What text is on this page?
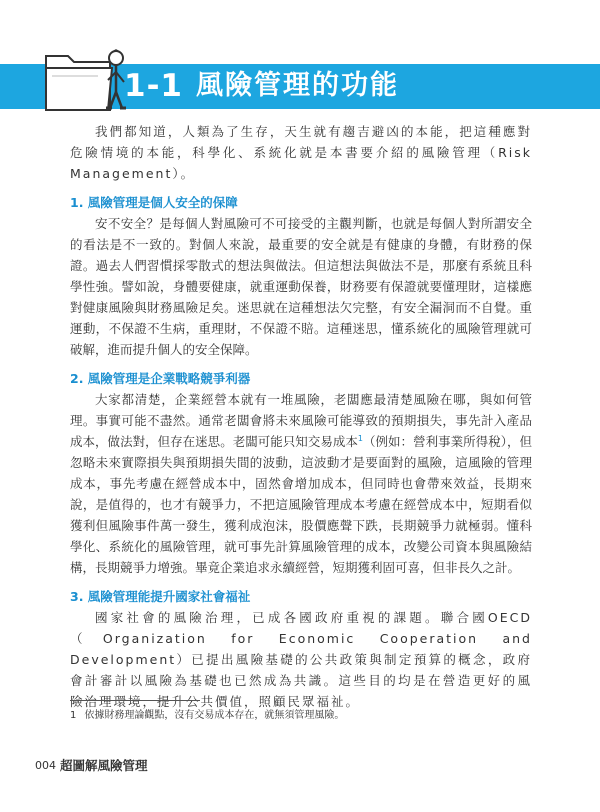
1-1 風險管理的功能

我們都知道，人類為了生存，天生就有趨吉避凶的本能，把這種應對危險情境的本能，科學化、系統化就是本書要介紹的風險管理（Risk Management）。

1. 風險管理是個人安全的保障

安不安全？是每個人對風險可不可接受的主觀判斷，也就是每個人對所謂安全的看法是不一致的。對個人來說，最重要的安全就是有健康的身體，有財務的保證。過去人們習慣採零散式的想法與做法。但這想法與做法不是，那麼有系統且科學性強。譬如說，身體要健康，就重運動保養，財務要有保證就要懂理財，這樣應對健康風險與財務風險足矣。迷思就在這種想法欠完整，有安全漏洞而不自覺。重運動，不保證不生病，重理財，不保證不賠。這種迷思，懂系統化的風險管理就可破解，進而提升個人的安全保障。

2. 風險管理是企業戰略競爭利器

大家都清楚，企業經營本就有一堆風險，老闆應最清楚風險在哪，與如何管理。事實可能不盡然。通常老闆會將未來風險可能導致的預期損失，事先計入產品成本，做法對，但存在迷思。老闆可能只知交易成本$^1$（例如：營利事業所得稅），但忽略未來實際損失與預期損失間的波動，這波動才是要面對的風險，這風險的管理成本，事先考慮在經營成本中，固然會增加成本，但同時也會帶來效益，長期來說，是值得的，也才有競爭力，不把這風險管理成本考慮在經營成本中，短期看似獲利但風險事件萬一發生，獲利成泡沫，股價應聲下跌，長期競爭力就極弱。懂科學化、系統化的風險管理，就可事先計算風險管理的成本，改變公司資本與風險結構，長期競爭力增強。畢竟企業追求永續經營，短期獲利固可喜，但非長久之計。

3. 風險管理能提升國家社會福祉

國家社會的風險治理，已成各國政府重視的課題。聯合國OECD（Organization for Economic Cooperation and Development）已提出風險基礎的公共政策與制定預算的概念，政府會計審計以風險為基礎也已然成為共識。這些目的均是在營造更好的風險治理環境，提升公共價值，照顧民眾福祉。

1 依據財務理論觀點，沒有交易成本存在，就無須管理風險。
004 超圖解風險管理
